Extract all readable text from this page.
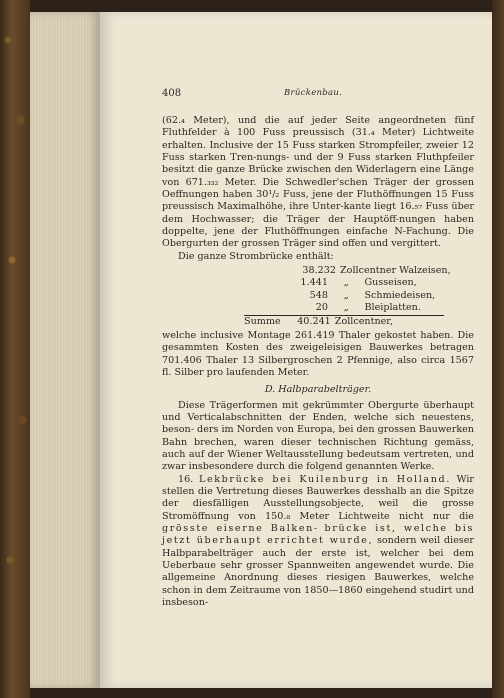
408	Brückenbau.

(62.₄ Meter), und die auf jeder Seite angeordneten fünf Fluthfelder à 100 Fuss preussisch (31.₄ Meter) Lichtweite erhalten. Inclusive der 15 Fuss starken Strompfeiler, zweier 12 Fuss starken Tren-nungs- und der 9 Fuss starken Fluthpfeiler besitzt die ganze Brücke zwischen den Widerlagern eine Länge von 671.₃₃₂ Meter. Die Schwedler'schen Träger der grossen Oeffnungen haben 30¹/₂ Fuss, jene der Fluthöffnungen 15 Fuss preussisch Maximalhöhe, ihre Unter-kante liegt 16.₅₇ Fuss über dem Hochwasser; die Träger der Hauptöff-nungen haben doppelte, jene der Fluthöffnungen einfache N-Fachung. Die Obergurten der grossen Träger sind offen und vergittert.

Die ganze Strombrücke enthält:

38.232 Zollcentner Walzeisen,
1.441	„	Gusseisen,
548	„	Schmiedeisen,
20	„	Bleiplatten.
Summe	40.241 Zollcentner,

welche inclusive Montage 261.419 Thaler gekostet haben. Die gesammten Kosten des zweigeleisigen Bauwerkes betragen 701.406 Thaler 13 Silbergroschen 2 Pfennige, also circa 1567 fl. Silber pro laufenden Meter.

D. Halbparabelträger.

Diese Trägerformen mit gekrümmter Obergurte überhaupt und Verticalabschnitten der Enden, welche sich neuestens, beson- ders im Norden von Europa, bei den grossen Bauwerken Bahn brechen, waren dieser technischen Richtung gemäss, auch auf der Wiener Weltausstellung bedeutsam vertreten, und zwar insbesondere durch die folgend genannten Werke.

16. Lekbrücke bei Kuilenburg in Holland. Wir stellen die Vertretung dieses Bauwerkes desshalb an die Spitze der diesfälligen Ausstellungsobjecte, weil die grosse Stromöffnung von 150.₈ Meter Lichtweite nicht nur die grösste eiserne Balken- brücke ist, welche bis jetzt überhaupt errichtet wurde, sondern weil dieser Halbparabelträger auch der erste ist, welcher bei dem Ueberbaue sehr grosser Spannweiten angewendet wurde. Die allgemeine Anordnung dieses riesigen Bauwerkes, welche schon in dem Zeitraume von 1850—1860 eingehend studirt und insbeson-
